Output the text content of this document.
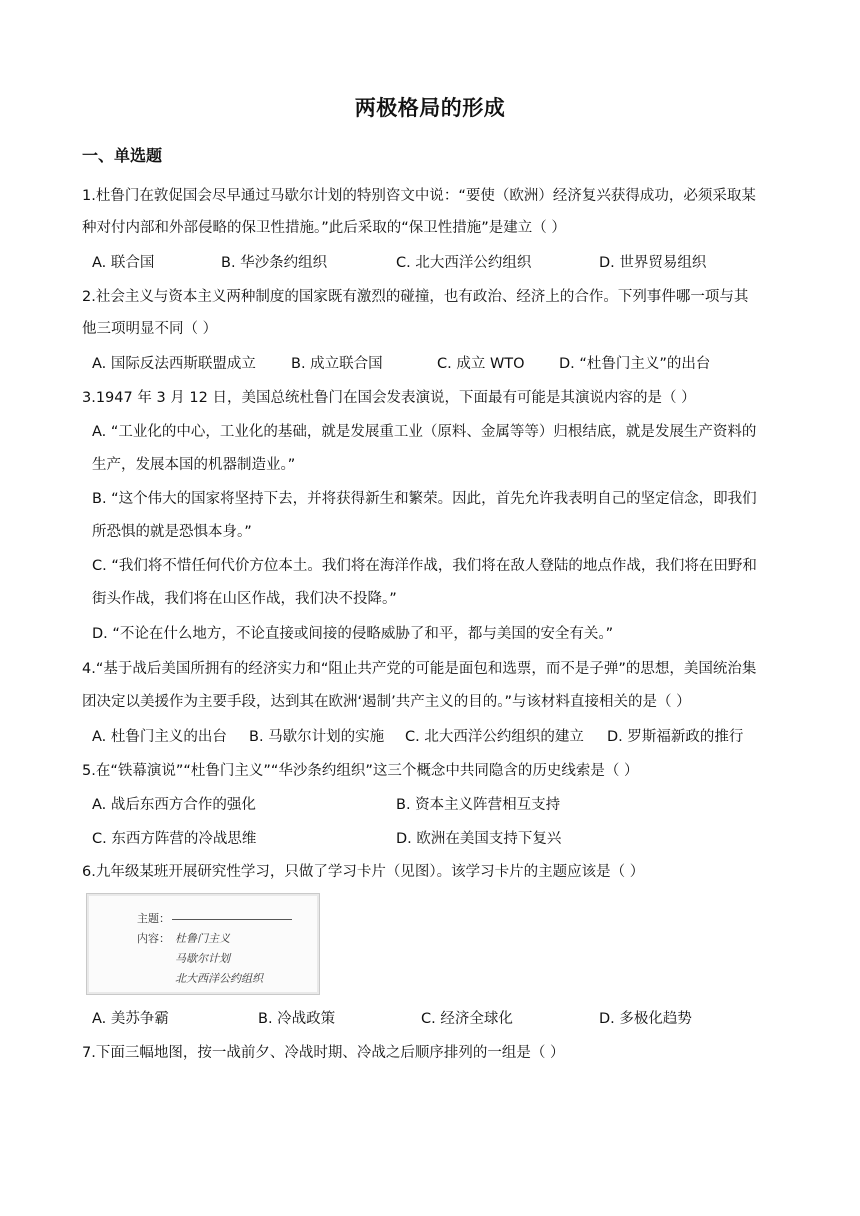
两极格局的形成
一、单选题
1.杜鲁门在敦促国会尽早通过马歇尔计划的特别咨文中说：“要使（欧洲）经济复兴获得成功，必须采取某
种对付内部和外部侵略的保卫性措施。”此后采取的“保卫性措施”是建立（ ）
A. 联合国	B. 华沙条约组织	C. 北大西洋公约组织	D. 世界贸易组织
2.社会主义与资本主义两种制度的国家既有激烈的碰撞，也有政治、经济上的合作。下列事件哪一项与其
他三项明显不同（ ）
A. 国际反法西斯联盟成立 B. 成立联合国	C. 成立 WTO D. “杜鲁门主义”的出台
3.1947 年 3 月 12 日，美国总统杜鲁门在国会发表演说，下面最有可能是其演说内容的是（ ）
A. “工业化的中心，工业化的基础，就是发展重工业（原料、金属等等）归根结底，就是发展生产资料的
生产，发展本国的机器制造业。”
B. “这个伟大的国家将坚持下去，并将获得新生和繁荣。因此，首先允许我表明自己的坚定信念，即我们
所恐惧的就是恐惧本身。”
C. “我们将不惜任何代价方位本土。我们将在海洋作战，我们将在敌人登陆的地点作战，我们将在田野和
街头作战，我们将在山区作战，我们决不投降。”
D. “不论在什么地方，不论直接或间接的侵略威胁了和平，都与美国的安全有关。”
4.“基于战后美国所拥有的经济实力和“阻止共产党的可能是面包和选票，而不是子弹”的思想，美国统治集
团决定以美援作为主要手段，达到其在欧洲‘遏制’共产主义的目的。”与该材料直接相关的是（ ）
A. 杜鲁门主义的出台 B. 马歇尔计划的实施 C. 北大西洋公约组织的建立 D. 罗斯福新政的推行
5.在“铁幕演说”“杜鲁门主义”“华沙条约组织”这三个概念中共同隐含的历史线索是（ ）
A. 战后东西方合作的强化	B. 资本主义阵营相互支持
C. 东西方阵营的冷战思维	D. 欧洲在美国支持下复兴
6.九年级某班开展研究性学习，只做了学习卡片（见图）。该学习卡片的主题应该是（ ）
主题：
内容： 杜鲁门主义
马歇尔计划
北大西洋公约组织
A. 美苏争霸	B. 冷战政策	C. 经济全球化	D. 多极化趋势
7.下面三幅地图，按一战前夕、冷战时期、冷战之后顺序排列的一组是（ ）
